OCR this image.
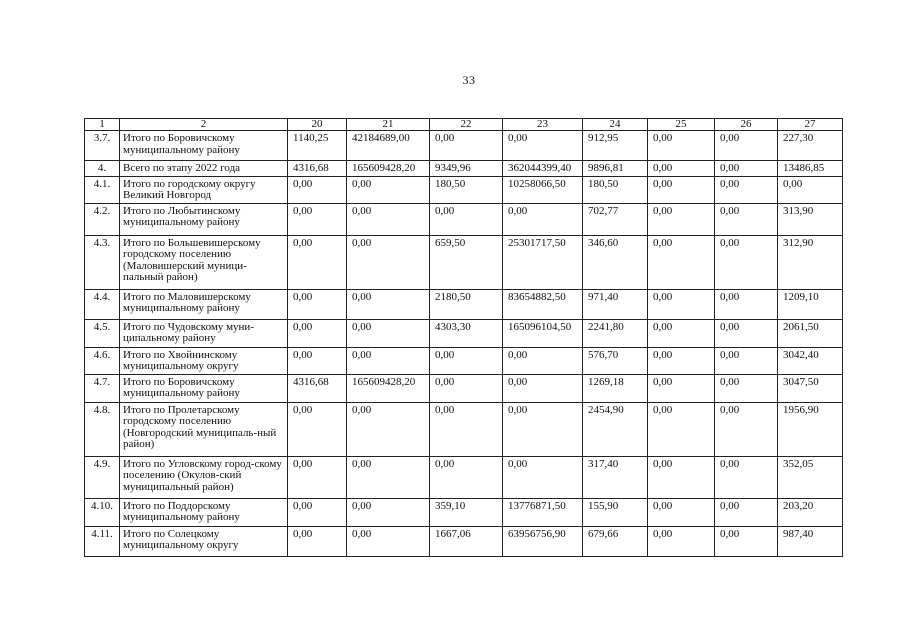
33
1	2	20	21	22	23	24	25	26	27
3.7.	Итого по Боровичскому муниципальному району	1140,25	42184689,00	0,00	0,00	912,95	0,00	0,00	227,30
4.	Всего по этапу 2022 года	4316,68	165609428,20	9349,96	362044399,40	9896,81	0,00	0,00	13486,85
4.1.	Итого по городскому округу Великий Новгород	0,00	0,00	180,50	10258066,50	180,50	0,00	0,00	0,00
4.2.	Итого по Любытинскому муниципальному району	0,00	0,00	0,00	0,00	702,77	0,00	0,00	313,90
4.3.	Итого по Большевишерскому городскому поселению (Маловишерский муници-пальный район)	0,00	0,00	659,50	25301717,50	346,60	0,00	0,00	312,90
4.4.	Итого по Маловишерскому муниципальному району	0,00	0,00	2180,50	83654882,50	971,40	0,00	0,00	1209,10
4.5.	Итого по Чудовскому муни-ципальному району	0,00	0,00	4303,30	165096104,50	2241,80	0,00	0,00	2061,50
4.6.	Итого по Хвойнинскому муниципальному округу	0,00	0,00	0,00	0,00	576,70	0,00	0,00	3042,40
4.7.	Итого по Боровичскому муниципальному району	4316,68	165609428,20	0,00	0,00	1269,18	0,00	0,00	3047,50
4.8.	Итого по Пролетарскому городскому поселению (Новгородский муниципаль-ный район)	0,00	0,00	0,00	0,00	2454,90	0,00	0,00	1956,90
4.9.	Итого по Угловскому город-скому поселению (Окулов-ский муниципальный район)	0,00	0,00	0,00	0,00	317,40	0,00	0,00	352,05
4.10.	Итого по Поддорскому муниципальному району	0,00	0,00	359,10	13776871,50	155,90	0,00	0,00	203,20
4.11.	Итого по Солецкому муниципальному округу	0,00	0,00	1667,06	63956756,90	679,66	0,00	0,00	987,40
